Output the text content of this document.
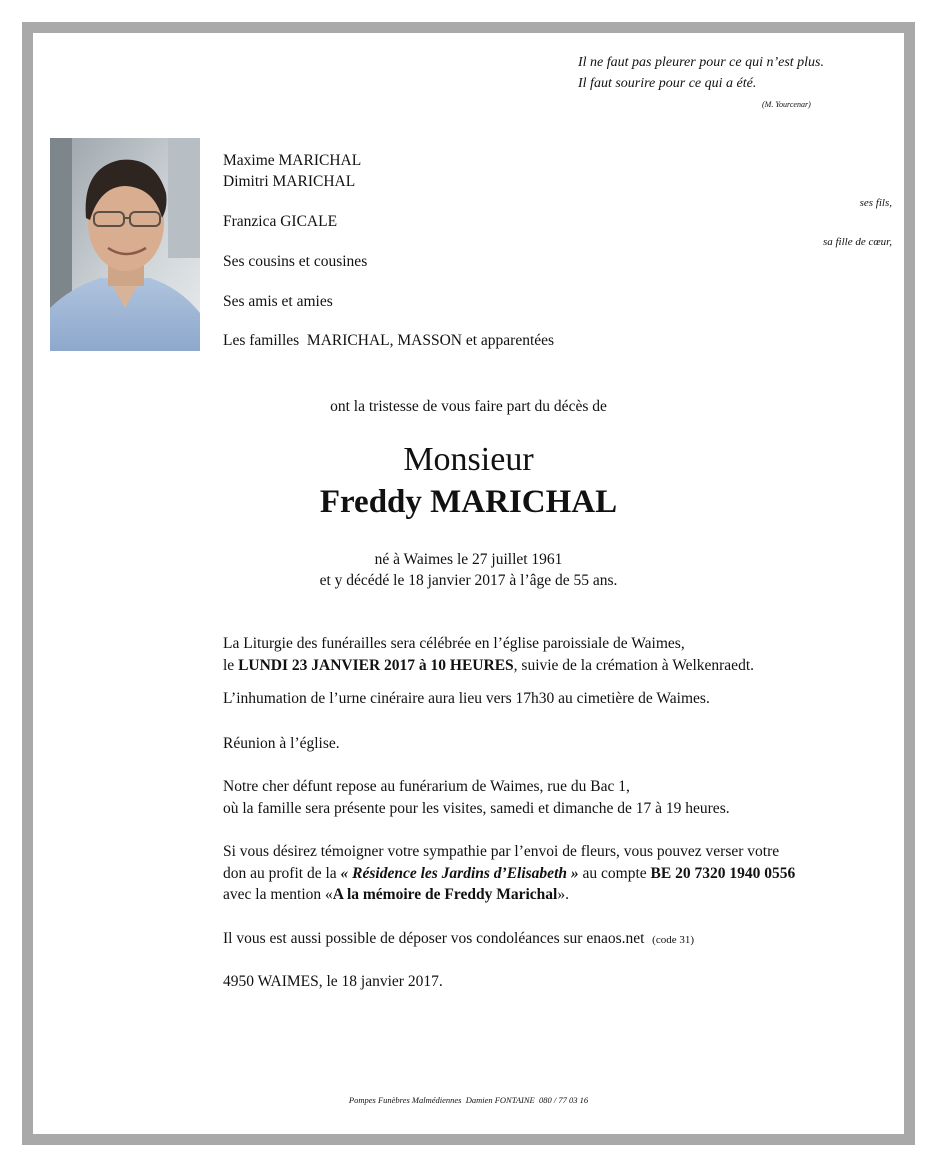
Il ne faut pas pleurer pour ce qui n’est plus.
Il faut sourire pour ce qui a été.
(M. Yourcenar)
Maxime MARICHAL
Dimitri MARICHAL
ses fils,
Franzica GICALE
sa fille de cœur,
Ses cousins et cousines
Ses amis et amies
Les familles  MARICHAL, MASSON et apparentées
ont la tristesse de vous faire part du décès de
Monsieur
Freddy MARICHAL
né à Waimes le 27 juillet 1961
et y décédé le 18 janvier 2017 à l’âge de 55 ans.
La Liturgie des funérailles sera célébrée en l’église paroissiale de Waimes,
le LUNDI 23 JANVIER 2017 à 10 HEURES, suivie de la crémation à Welkenraedt.
L’inhumation de l’urne cinéraire aura lieu vers 17h30 au cimetière de Waimes.
Réunion à l’église.
Notre cher défunt repose au funérarium de Waimes, rue du Bac 1,
où la famille sera présente pour les visites, samedi et dimanche de 17 à 19 heures.
Si vous désirez témoigner votre sympathie par l’envoi de fleurs, vous pouvez verser votre
don au profit de la « Résidence les Jardins d’Elisabeth » au compte BE 20 7320 1940 0556
avec la mention «A la mémoire de Freddy Marichal».
Il vous est aussi possible de déposer vos condoléances sur enaos.net (code 31)
4950 WAIMES, le 18 janvier 2017.
Pompes Funèbres Malmédiennes  Damien FONTAINE  080 / 77 03 16
